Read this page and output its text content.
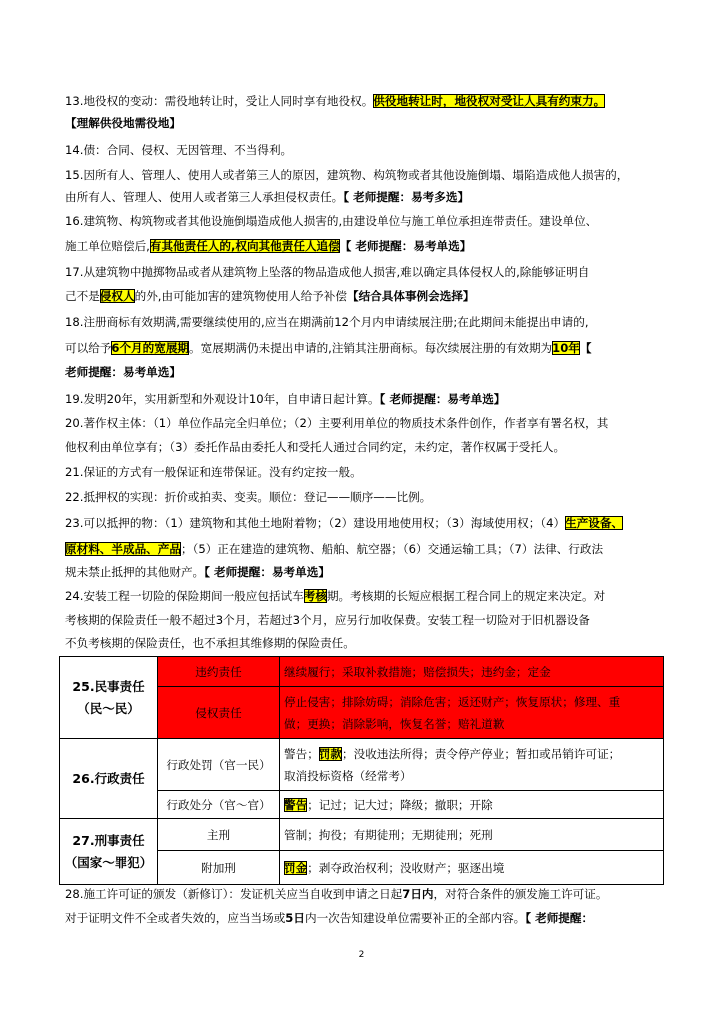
13.地役权的变动：需役地转让时，受让人同时享有地役权。供役地转让时，地役权对受让人具有约束力。
【理解供役地需役地】
14.债：合同、侵权、无因管理、不当得利。
15.因所有人、管理人、使用人或者第三人的原因，建筑物、构筑物或者其他设施倒塌、塌陷造成他人损害的，
由所有人、管理人、使用人或者第三人承担侵权责任。【 老师提醒：易考多选】
16.建筑物、构筑物或者其他设施倒塌造成他人损害的,由建设单位与施工单位承担连带责任。建设单位、
施工单位赔偿后,有其他责任人的,权向其他责任人追偿【 老师提醒：易考单选】
17.从建筑物中抛掷物品或者从建筑物上坠落的物品造成他人损害,难以确定具体侵权人的,除能够证明自
己不是侵权人的外,由可能加害的建筑物使用人给予补偿【结合具体事例会选择】
18.注册商标有效期满,需要继续使用的,应当在期满前12个月内申请续展注册;在此期间未能提出申请的,
可以给予6个月的宽展期。宽展期满仍未提出申请的,注销其注册商标。每次续展注册的有效期为10年【
老师提醒：易考单选】
19.发明20年，实用新型和外观设计10年，自申请日起计算。【 老师提醒：易考单选】
20.著作权主体：（1）单位作品完全归单位；（2）主要利用单位的物质技术条件创作，作者享有署名权，其
他权利由单位享有；（3）委托作品由委托人和受托人通过合同约定，未约定，著作权属于受托人。
21.保证的方式有一般保证和连带保证。没有约定按一般。
22.抵押权的实现：折价或拍卖、变卖。顺位：登记——顺序——比例。
23.可以抵押的物：（1）建筑物和其他土地附着物；（2）建设用地使用权；（3）海域使用权；（4）生产设备、
原材料、半成品、产品；（5）正在建造的建筑物、船舶、航空器；（6）交通运输工具；（7）法律、行政法
规未禁止抵押的其他财产。【 老师提醒：易考单选】
24.安装工程一切险的保险期间一般应包括试车考核期。考核期的长短应根据工程合同上的规定来决定。对
考核期的保险责任一般不超过3个月，若超过3个月，应另行加收保费。安装工程一切险对于旧机器设备
不负考核期的保险责任，也不承担其维修期的保险责任。
25.民事责任
（民～民）	违约责任	继续履行；采取补救措施；赔偿损失；违约金；定金
	侵权责任	停止侵害；排除妨碍；消除危害；返还财产；恢复原状；修理、重
做；更换；消除影响，恢复名誉；赔礼道歉

26.行政责任	行政处罚（官一民）	警告；罚款；没收违法所得；责令停产停业；暂扣或吊销许可证；
取消投标资格（经常考）

	行政处分（官～官）	警告；记过；记大过；降级；撤职；开除

27.刑事责任
（国家～罪犯）	主刑	管制；拘役；有期徒刑；无期徒刑；死刑
	附加刑	罚金；剥夺政治权利；没收财产；驱逐出境
28.施工许可证的颁发（新修订）：发证机关应当自收到申请之日起7日内，对符合条件的颁发施工许可证。
对于证明文件不全或者失效的，应当当场或5日内一次告知建设单位需要补正的全部内容。【 老师提醒：
2
